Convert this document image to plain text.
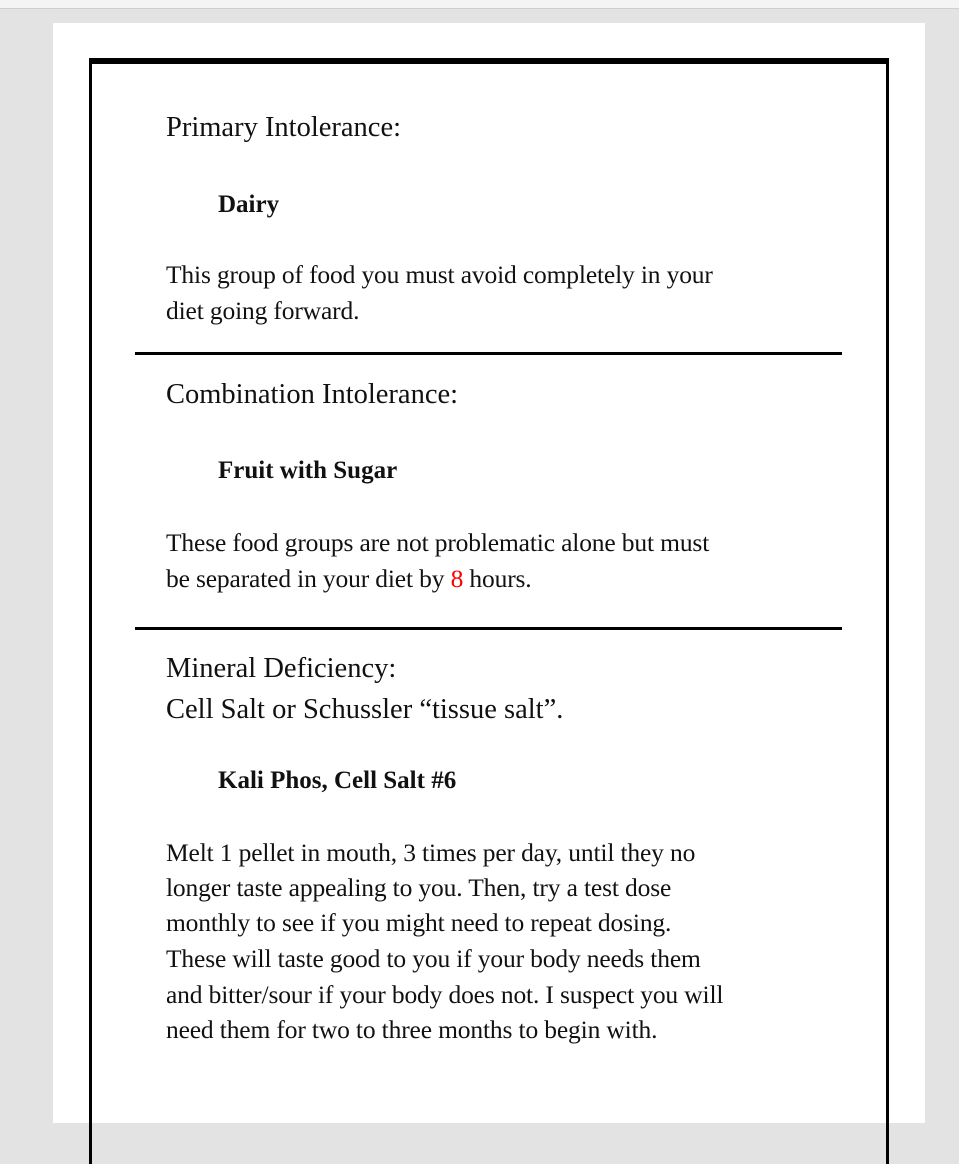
Primary Intolerance:
Dairy
This group of food you must avoid completely in your
diet going forward.
Combination Intolerance:
Fruit with Sugar
These food groups are not problematic alone but must
be separated in your diet by 8 hours.
Mineral Deficiency:
Cell Salt or Schussler “tissue salt”.
Kali Phos, Cell Salt #6
Melt 1 pellet in mouth, 3 times per day, until they no
longer taste appealing to you. Then, try a test dose
monthly to see if you might need to repeat dosing.
These will taste good to you if your body needs them
and bitter/sour if your body does not. I suspect you will
need them for two to three months to begin with.
